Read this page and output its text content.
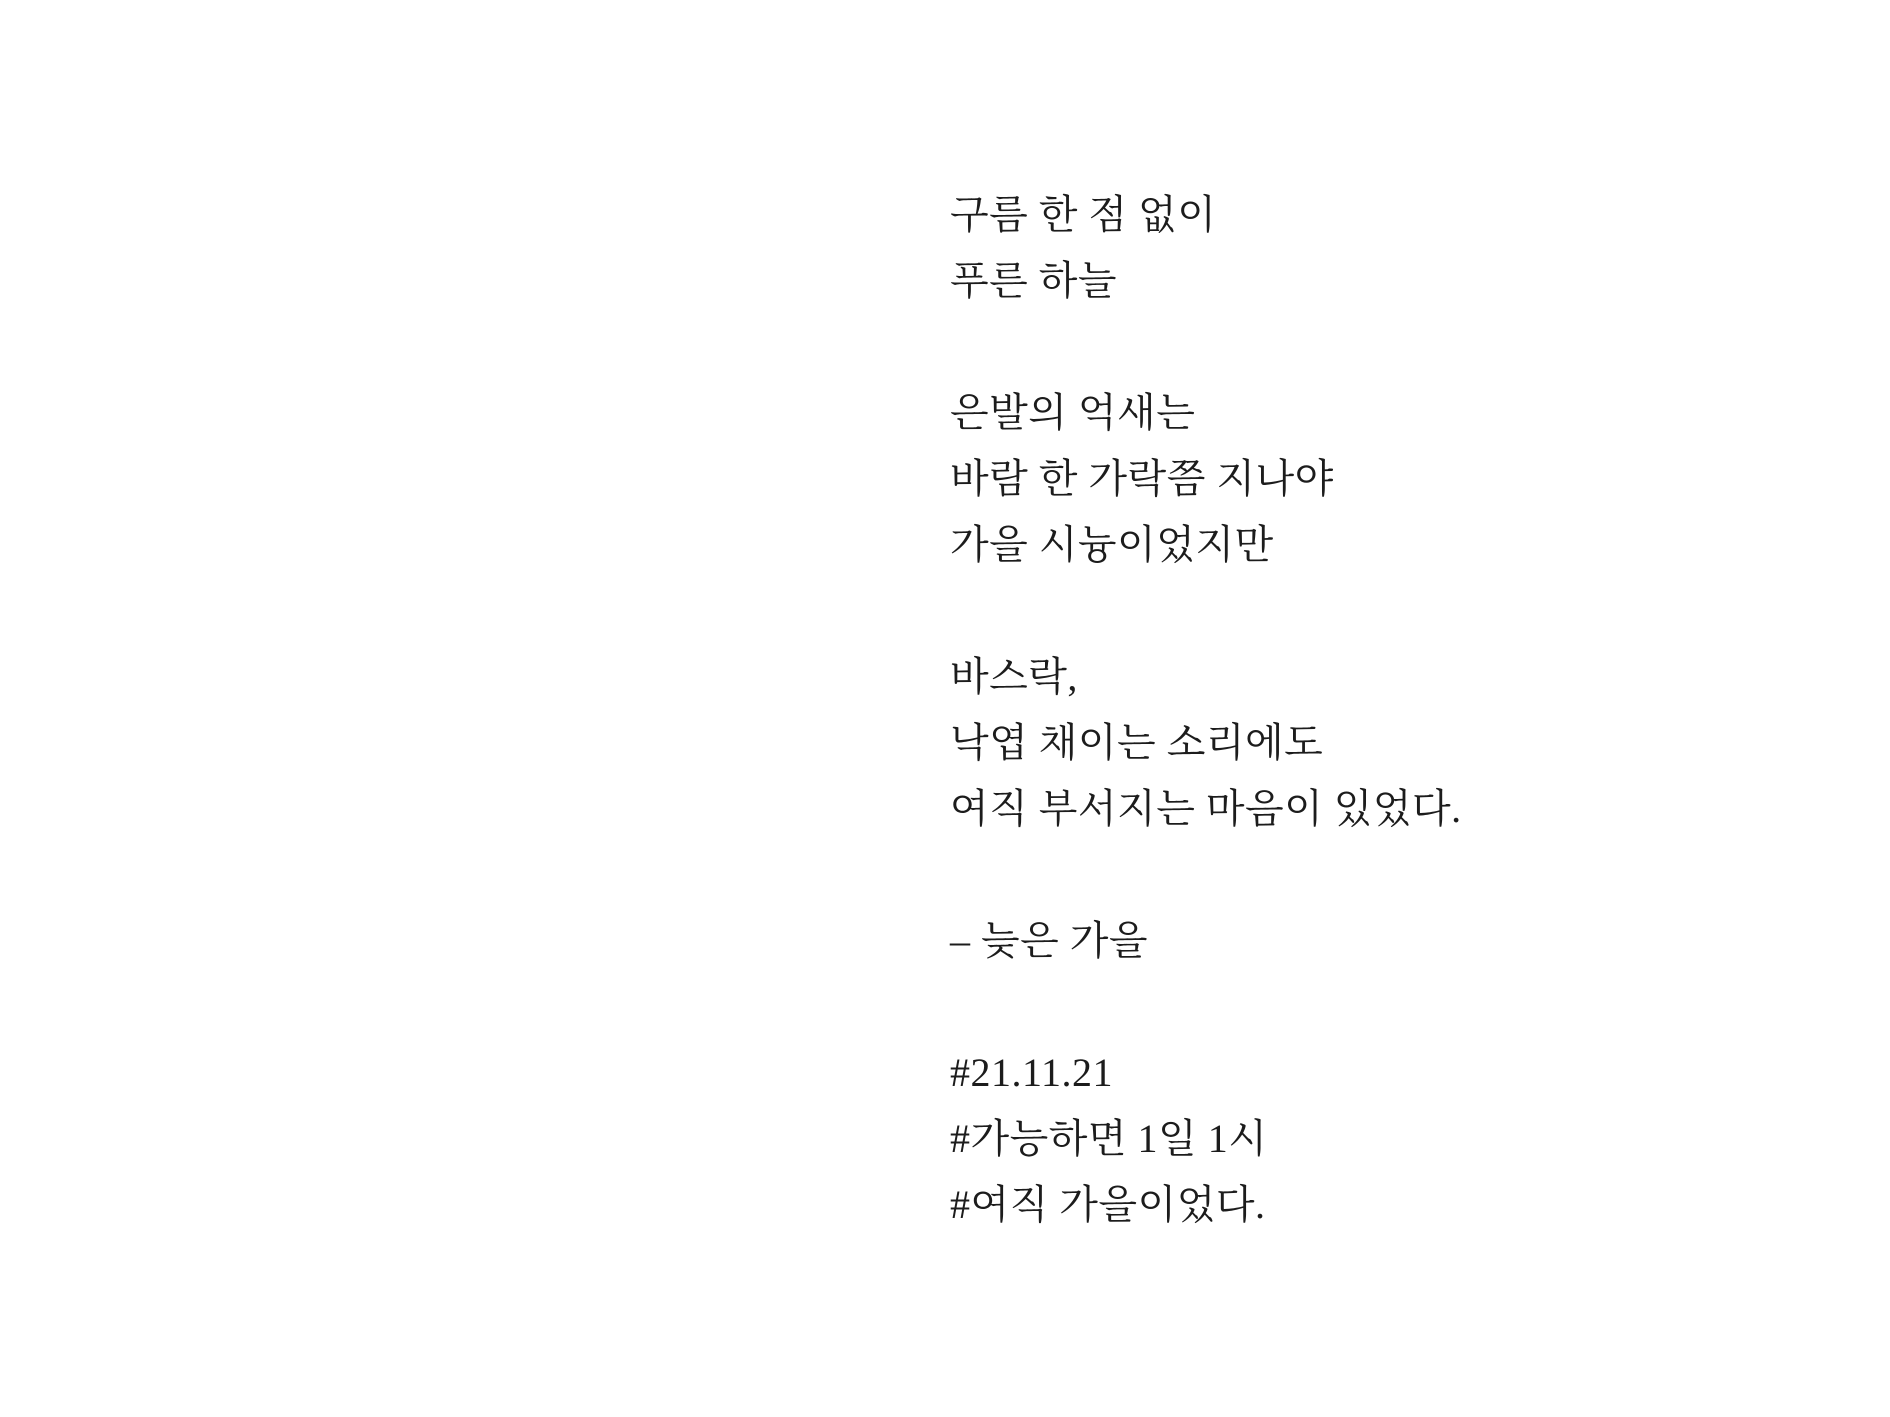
구름 한 점 없이

푸른 하늘

은발의 억새는

바람 한 가락쯤 지나야

가을 시늉이었지만

바스락,

낙엽 채이는 소리에도

여직 부서지는 마음이 있었다.

– 늦은 가을

#21.11.21

#가능하면 1일 1시

#여직 가을이었다.
